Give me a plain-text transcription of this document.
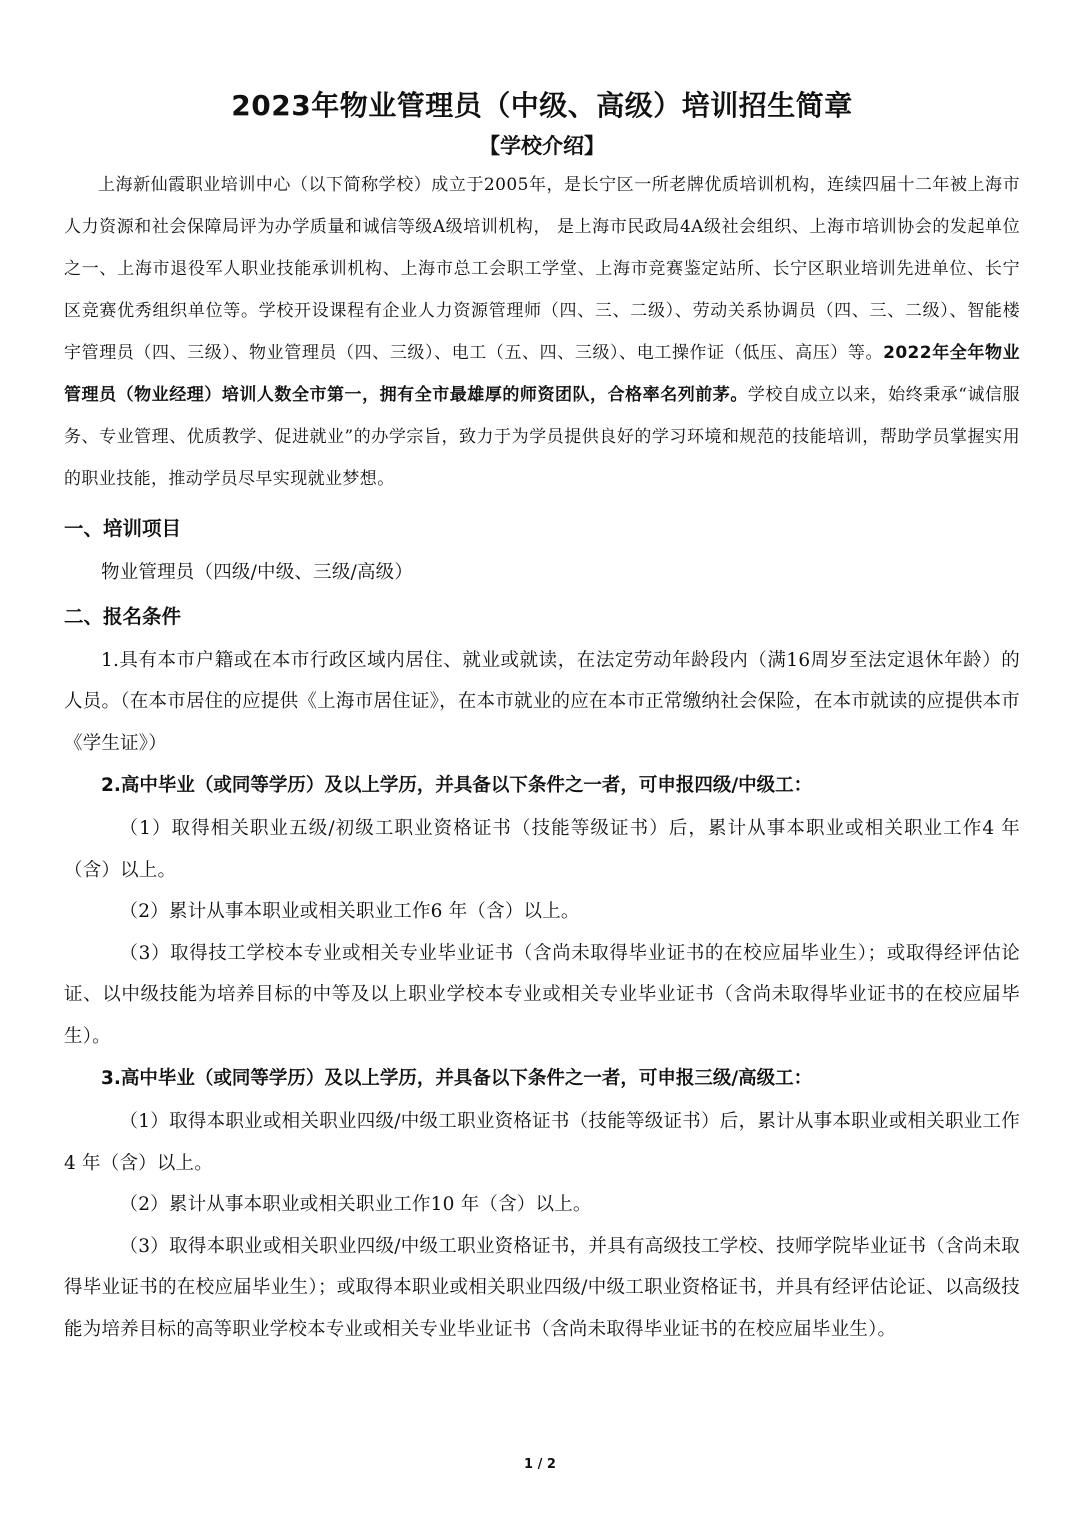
2023年物业管理员（中级、高级）培训招生简章
【学校介绍】

上海新仙霞职业培训中心（以下简称学校）成立于2005年，是长宁区一所老牌优质培训机构，连续四届十二年被上海市人力资源和社会保障局评为办学质量和诚信等级A级培训机构， 是上海市民政局4A级社会组织、上海市培训协会的发起单位之一、上海市退役军人职业技能承训机构、上海市总工会职工学堂、上海市竞赛鉴定站所、长宁区职业培训先进单位、长宁区竞赛优秀组织单位等。学校开设课程有企业人力资源管理师（四、三、二级）、劳动关系协调员（四、三、二级）、智能楼宇管理员（四、三级）、物业管理员（四、三级）、电工（五、四、三级）、电工操作证（低压、高压）等。2022年全年物业管理员（物业经理）培训人数全市第一，拥有全市最雄厚的师资团队，合格率名列前茅。学校自成立以来，始终秉承“诚信服务、专业管理、优质教学、促进就业”的办学宗旨，致力于为学员提供良好的学习环境和规范的技能培训，帮助学员掌握实用的职业技能，推动学员尽早实现就业梦想。

一、培训项目

物业管理员（四级/中级、三级/高级）

二、报名条件

1.具有本市户籍或在本市行政区域内居住、就业或就读，在法定劳动年龄段内（满16周岁至法定退休年龄）的人员。（在本市居住的应提供《上海市居住证》，在本市就业的应在本市正常缴纳社会保险，在本市就读的应提供本市《学生证》）

2.高中毕业（或同等学历）及以上学历，并具备以下条件之一者，可申报四级/中级工：

（1）取得相关职业五级/初级工职业资格证书（技能等级证书）后，累计从事本职业或相关职业工作4 年（含）以上。

（2）累计从事本职业或相关职业工作6 年（含）以上。

（3）取得技工学校本专业或相关专业毕业证书（含尚未取得毕业证书的在校应届毕业生）；或取得经评估论证、以中级技能为培养目标的中等及以上职业学校本专业或相关专业毕业证书（含尚未取得毕业证书的在校应届毕生）。

3.高中毕业（或同等学历）及以上学历，并具备以下条件之一者，可申报三级/高级工：

（1）取得本职业或相关职业四级/中级工职业资格证书（技能等级证书）后，累计从事本职业或相关职业工作4 年（含）以上。

（2）累计从事本职业或相关职业工作10 年（含）以上。

（3）取得本职业或相关职业四级/中级工职业资格证书，并具有高级技工学校、技师学院毕业证书（含尚未取得毕业证书的在校应届毕业生）；或取得本职业或相关职业四级/中级工职业资格证书，并具有经评估论证、以高级技能为培养目标的高等职业学校本专业或相关专业毕业证书（含尚未取得毕业证书的在校应届毕业生）。

1 / 2
